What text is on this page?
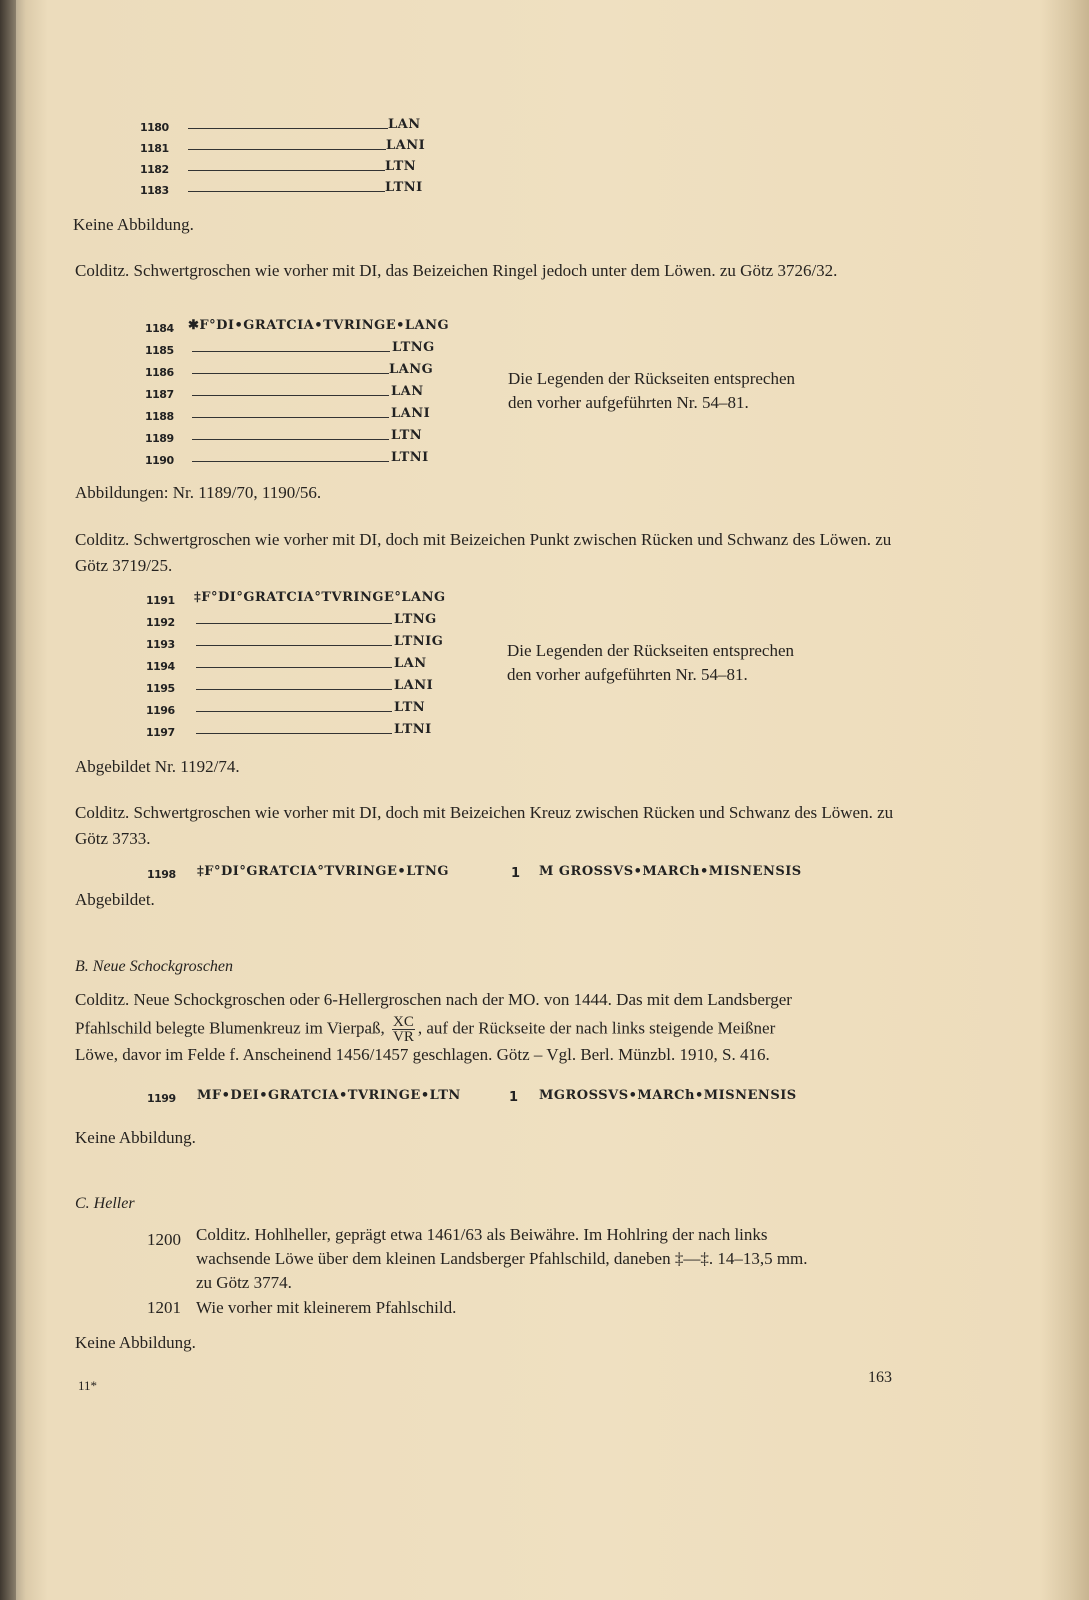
1180	LAN
1181	LANI
1182	LTN
1183	LTNI
Keine Abbildung.
Colditz. Schwertgroschen wie vorher mit DI, das Beizeichen Ringel jedoch unter dem Löwen. zu Götz 3726/32.
1184 ✱F°DI•GRATCIA•TVRINGE•LANG
1185	LTNG
1186	LANG
1187	LAN
1188	LANI
1189	LTN
1190	LTNI
Die Legenden der Rückseiten entsprechen
den vorher aufgeführten Nr. 54–81.
Abbildungen: Nr. 1189/70, 1190/56.
Colditz. Schwertgroschen wie vorher mit DI, doch mit Beizeichen Punkt zwischen Rücken und Schwanz des Löwen. zu Götz 3719/25.
1191 ‡F°DI°GRATCIA°TVRINGE°LANG
1192	LTNG
1193	LTNIG
1194	LAN
1195	LANI
1196	LTN
1197	LTNI
Die Legenden der Rückseiten entsprechen
den vorher aufgeführten Nr. 54–81.
Abgebildet Nr. 1192/74.
Colditz. Schwertgroschen wie vorher mit DI, doch mit Beizeichen Kreuz zwischen Rücken und Schwanz des Löwen. zu Götz 3733.
1198 ‡F°DI°GRATCIA°TVRINGE•LTNG	1 M GROSSVS•MARCh•MISNENSIS
Abgebildet.
B. Neue Schockgroschen
Colditz. Neue Schockgroschen oder 6-Hellergroschen nach der MO. von 1444. Das mit dem Landsberger
Pfahlschild belegte Blumenkreuz im Vierpaß, $\frac{XC}{VR}$ , auf der Rückseite der nach links steigende Meißner
Löwe, davor im Felde f. Anscheinend 1456/1457 geschlagen. Götz – Vgl. Berl. Münzbl. 1910, S. 416.
1199 MF•DEI•GRATCIA•TVRINGE•LTN	1 MGROSSVS•MARCh•MISNENSIS
Keine Abbildung.
C. Heller
1200 Colditz. Hohlheller, geprägt etwa 1461/63 als Beiwähre. Im Hohlring der nach links
wachsende Löwe über dem kleinen Landsberger Pfahlschild, daneben ‡—‡. 14–13,5 mm.
zu Götz 3774.
1201 Wie vorher mit kleinerem Pfahlschild.
Keine Abbildung.
11*	163
